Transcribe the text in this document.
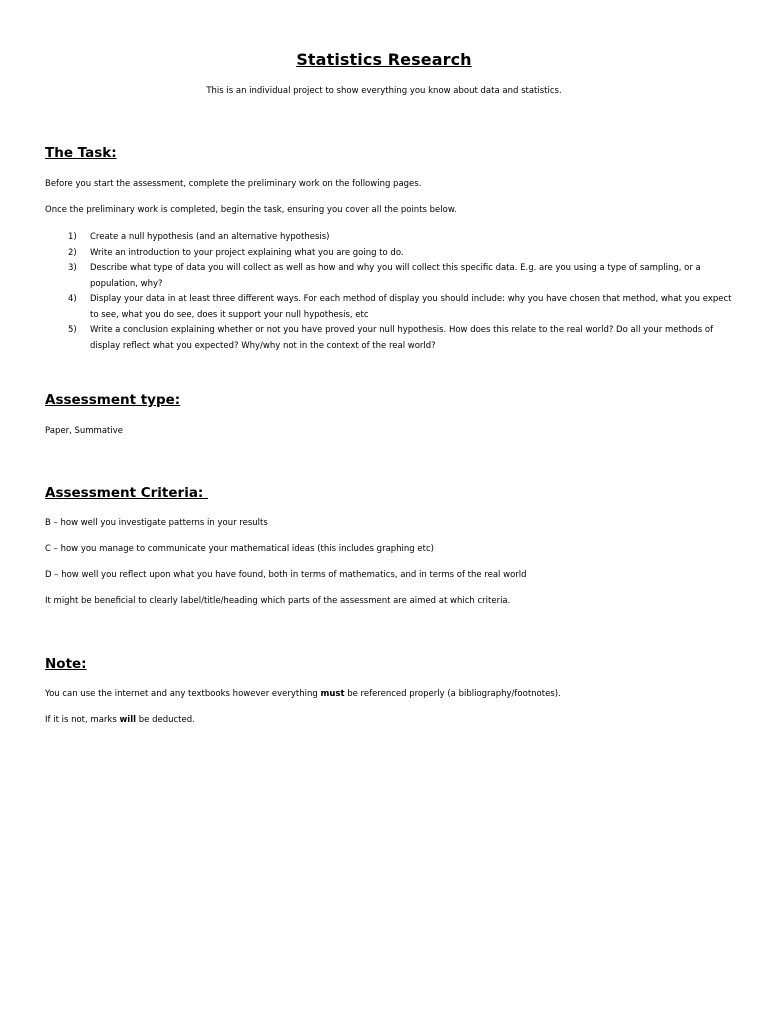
Statistics Research
This is an individual project to show everything you know about data and statistics.
The Task:

Before you start the assessment, complete the preliminary work on the following pages.

Once the preliminary work is completed, begin the task, ensuring you cover all the points below.

1) Create a null hypothesis (and an alternative hypothesis)
2) Write an introduction to your project explaining what you are going to do.
3) Describe what type of data you will collect as well as how and why you will collect this specific data. E.g. are you using a type of sampling, or a population, why?
4) Display your data in at least three different ways. For each method of display you should include: why you have chosen that method, what you expect to see, what you do see, does it support your null hypothesis, etc
5) Write a conclusion explaining whether or not you have proved your null hypothesis. How does this relate to the real world? Do all your methods of display reflect what you expected? Why/why not in the context of the real world?
Assessment type:

Paper, Summative

Assessment Criteria:

B – how well you investigate patterns in your results

C – how you manage to communicate your mathematical ideas (this includes graphing etc)

D – how well you reflect upon what you have found, both in terms of mathematics, and in terms of the real world

It might be beneficial to clearly label/title/heading which parts of the assessment are aimed at which criteria.

Note:

You can use the internet and any textbooks however everything must be referenced properly (a bibliography/footnotes).

If it is not, marks will be deducted.
